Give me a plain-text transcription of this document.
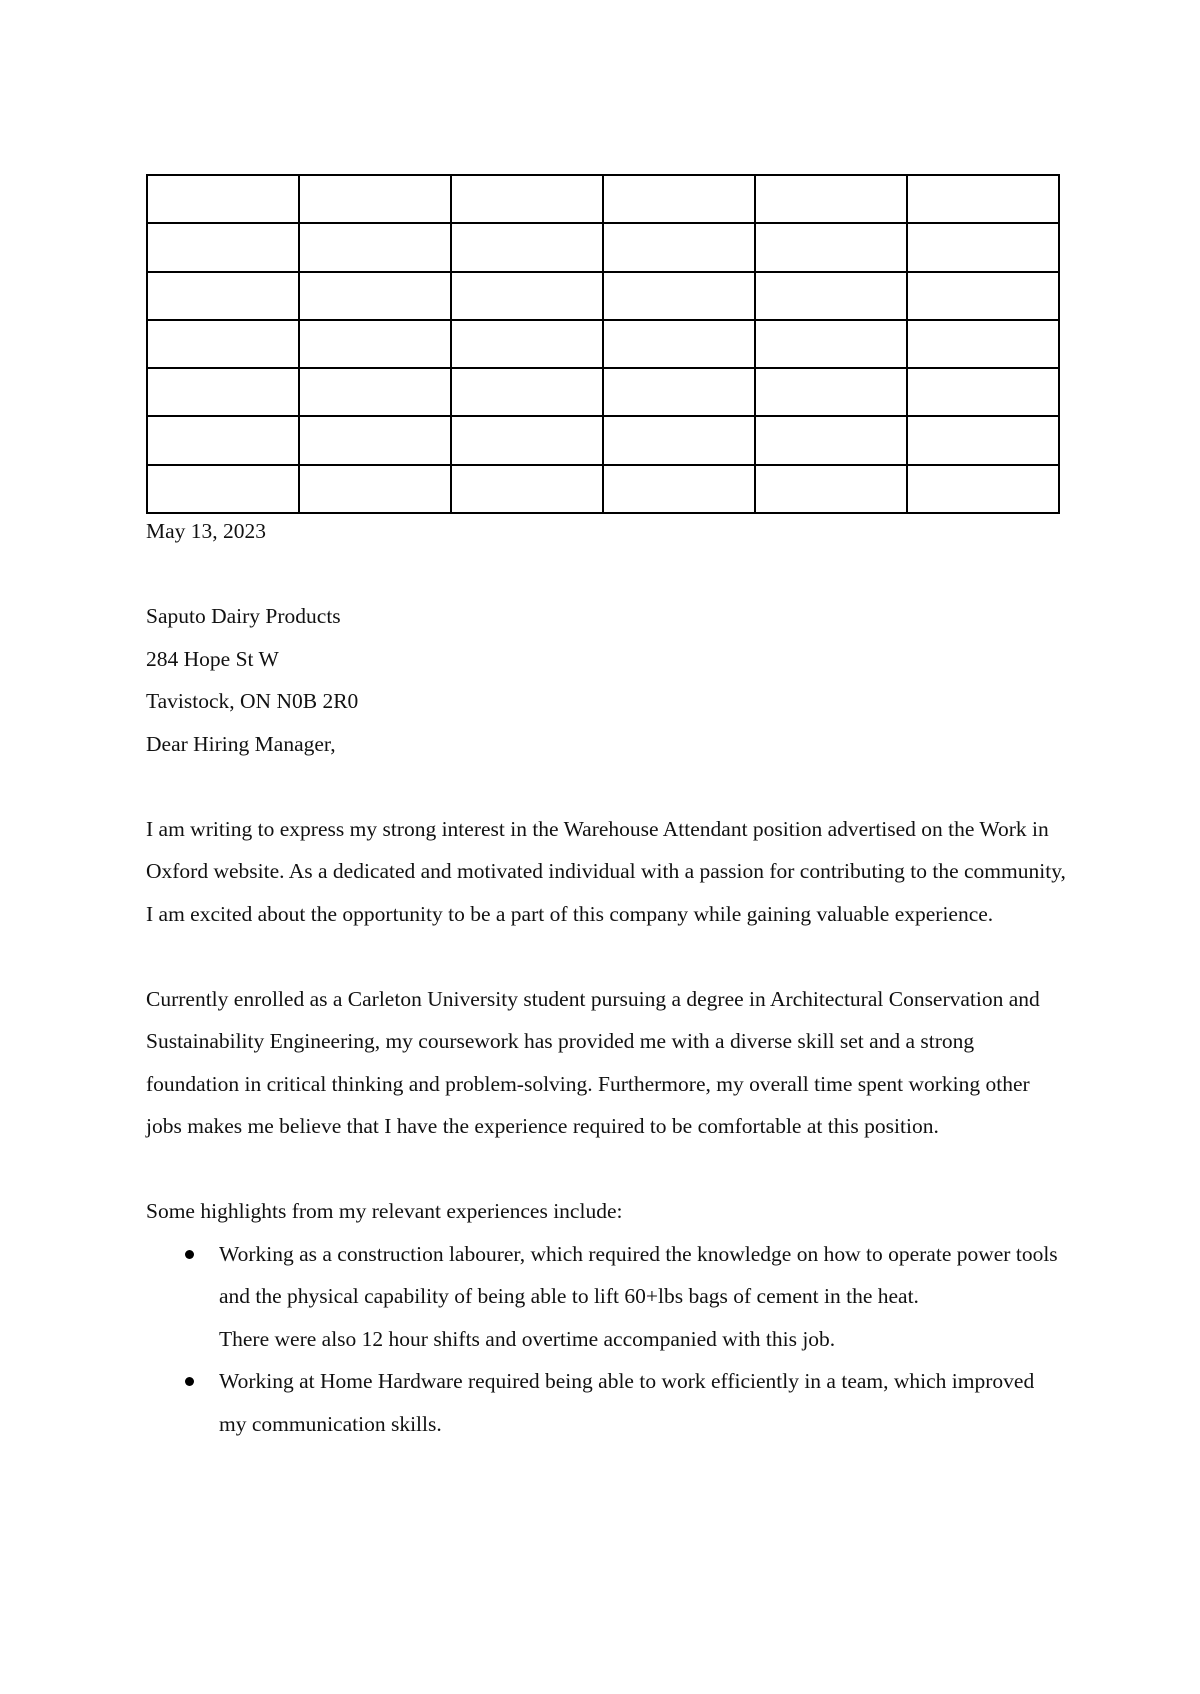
May 13, 2023

Saputo Dairy Products

284 Hope St W

Tavistock, ON N0B 2R0

Dear Hiring Manager,

I am writing to express my strong interest in the Warehouse Attendant position advertised on the Work in Oxford website. As a dedicated and motivated individual with a passion for contributing to the community, I am excited about the opportunity to be a part of this company while gaining valuable experience.

Currently enrolled as a Carleton University student pursuing a degree in Architectural Conservation and Sustainability Engineering, my coursework has provided me with a diverse skill set and a strong foundation in critical thinking and problem-solving. Furthermore, my overall time spent working other jobs makes me believe that I have the experience required to be comfortable at this position.

Some highlights from my relevant experiences include:

Working as a construction labourer, which required the knowledge on how to operate power tools and the physical capability of being able to lift 60+lbs bags of cement in the heat.
There were also 12 hour shifts and overtime accompanied with this job.
Working at Home Hardware required being able to work efficiently in a team, which improved my communication skills.
